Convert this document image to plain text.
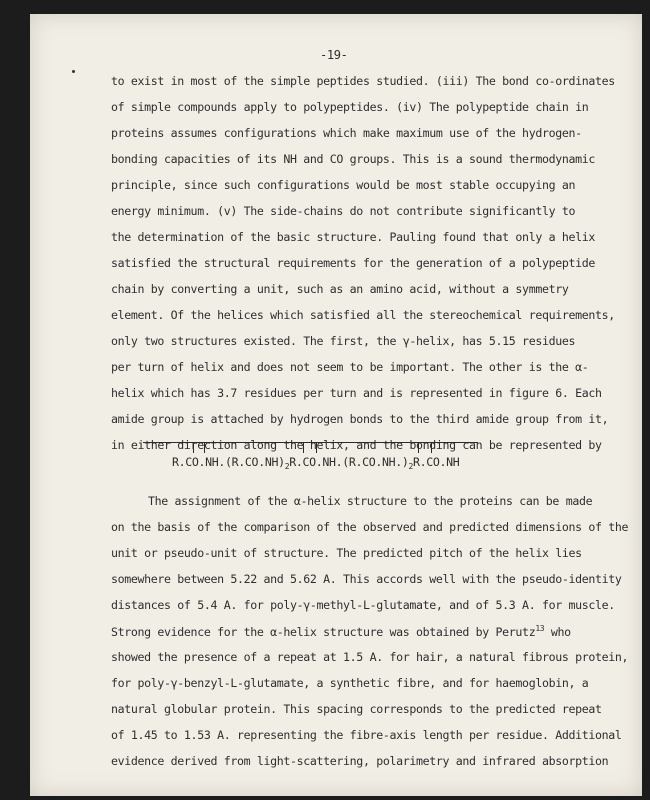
-19-
to exist in most of the simple peptides studied. (iii) The bond co-ordinates
of simple compounds apply to polypeptides. (iv) The polypeptide chain in
proteins assumes configurations which make maximum use of the hydrogen-
bonding capacities of its NH and CO groups. This is a sound thermodynamic
principle, since such configurations would be most stable occupying an
energy minimum. (v) The side-chains do not contribute significantly to
the determination of the basic structure. Pauling found that only a helix
satisfied the structural requirements for the generation of a polypeptide
chain by converting a unit, such as an amino acid, without a symmetry
element. Of the helices which satisfied all the stereochemical requirements,
only two structures existed. The first, the γ-helix, has 5.15 residues
per turn of helix and does not seem to be important. The other is the α-
helix which has 3.7 residues per turn and is represented in figure 6. Each
amide group is attached by hydrogen bonds to the third amide group from it,
in either direction along the helix, and the bonding can be represented by
$R.CO.NH.(R.CO.NH)_2R.CO.NH.(R.CO.NH.)_2R.CO.NH$
The assignment of the α-helix structure to the proteins can be made
on the basis of the comparison of the observed and predicted dimensions of the
unit or pseudo-unit of structure. The predicted pitch of the helix lies
somewhere between 5.22 and 5.62 A. This accords well with the pseudo-identity
distances of 5.4 A. for poly-γ-methyl-L-glutamate, and of 5.3 A. for muscle.
Strong evidence for the α-helix structure was obtained by Perutz$^{13}$ who
showed the presence of a repeat at 1.5 A. for hair, a natural fibrous protein,
for poly-γ-benzyl-L-glutamate, a synthetic fibre, and for haemoglobin, a
natural globular protein. This spacing corresponds to the predicted repeat
of 1.45 to 1.53 A. representing the fibre-axis length per residue. Additional
evidence derived from light-scattering, polarimetry and infrared absorption
